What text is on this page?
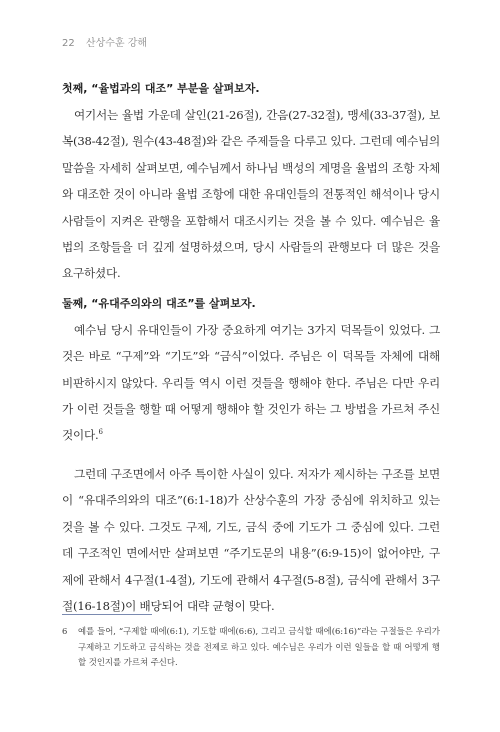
22 산상수훈 강해
첫째, “율법과의 대조” 부분을 살펴보자.

여기서는 율법 가운데 살인(21-26절), 간음(27-32절), 맹세(33-37절), 보복(38-42절), 원수(43-48절)와 같은 주제들을 다루고 있다. 그런데 예수님의 말씀을 자세히 살펴보면, 예수님께서 하나님 백성의 계명을 율법의 조항 자체와 대조한 것이 아니라 율법 조항에 대한 유대인들의 전통적인 해석이나 당시 사람들이 지켜온 관행을 포함해서 대조시키는 것을 볼 수 있다. 예수님은 율법의 조항들을 더 깊게 설명하셨으며, 당시 사람들의 관행보다 더 많은 것을 요구하셨다.

둘째, “유대주의와의 대조”를 살펴보자.

예수님 당시 유대인들이 가장 중요하게 여기는 3가지 덕목들이 있었다. 그것은 바로 “구제”와 “기도”와 “금식”이었다. 주님은 이 덕목들 자체에 대해 비판하시지 않았다. 우리들 역시 이런 것들을 행해야 한다. 주님은 다만 우리가 이런 것들을 행할 때 어떻게 행해야 할 것인가 하는 그 방법을 가르쳐 주신 것이다.$^6$

그런데 구조면에서 아주 특이한 사실이 있다. 저자가 제시하는 구조를 보면 이 “유대주의와의 대조”(6:1-18)가 산상수훈의 가장 중심에 위치하고 있는 것을 볼 수 있다. 그것도 구제, 기도, 금식 중에 기도가 그 중심에 있다. 그런데 구조적인 면에서만 살펴보면 “주기도문의 내용”(6:9-15)이 없어야만, 구제에 관해서 4구절(1-4절), 기도에 관해서 4구절(5-8절), 금식에 관해서 3구절(16-18절)이 배당되어 대략 균형이 맞다.

6	예를 들어, “구제할 때에(6:1), 기도할 때에(6:6), 그리고 금식할 때에(6:16)”라는 구절들은 우리가 구제하고 기도하고 금식하는 것을 전제로 하고 있다. 예수님은 우리가 이런 일들을 할 때 어떻게 행할 것인지를 가르쳐 주신다.
